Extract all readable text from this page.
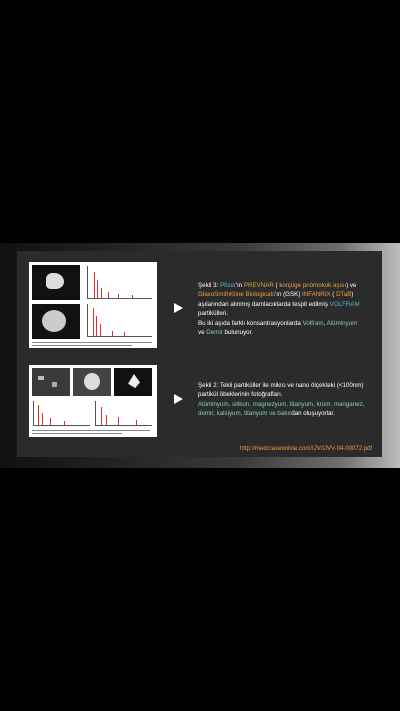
Şekil 3: Pfizer'ın PREVNAR ( konjüge pnömokok aşısı) ve
GlaxoSmithKline Biologicals'ın (GSK) INFANRIX ( DTaB)
aşılarından alınmış damlacıklarda tespit edilmiş VOLFRAM
partikülleri.
Bu iki aşıda farklı konsantrasyonlarda Volfram, Alüminyum
ve Demir bulunuyor.
Şekil 2: Tekli partiküller ile mikro ve nano ölçekteki (<100nm)
partikül öbeklerinin fotoğrafları.
Alüminyum, silikon, magnezyum, titanyum, krom, manganez,
demir, kalsiyum, titanyum ve bakırdan oluşuyorlar.
http://medcraveonline.com/IJV/IJVV-04-00072.pdf
